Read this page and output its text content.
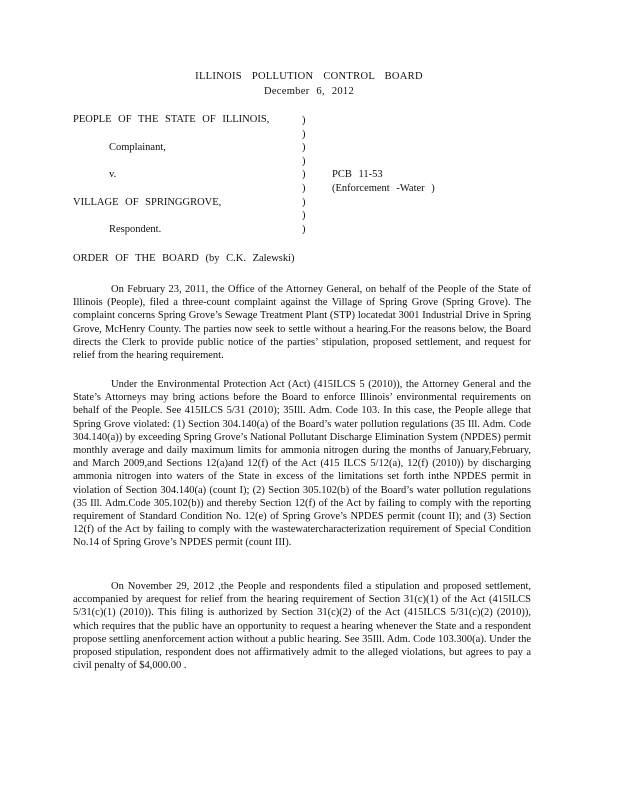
ILLINOIS POLLUTION CONTROL BOARD
December 6, 2012
PEOPLE OF THE STATE OF ILLINOIS,
Complainant,
v.	PCB 11-53
(Enforcement -Water )
VILLAGE OF SPRINGGROVE,
Respondent.
)
)
)
)
)
)
)
)
)
ORDER OF THE BOARD (by C.K. Zalewski)

On February 23, 2011, the Office of the Attorney General, on behalf of the People of the State of Illinois (People), filed a three-count complaint against the Village of Spring Grove (Spring Grove). The complaint concerns Spring Grove’s Sewage Treatment Plant (STP) locatedat 3001 Industrial Drive in Spring Grove, McHenry County. The parties now seek to settle without a hearing.For the reasons below, the Board directs the Clerk to provide public notice of the parties’ stipulation, proposed settlement, and request for relief from the hearing requirement.

Under the Environmental Protection Act (Act) (415ILCS 5 (2010)), the Attorney General and the State’s Attorneys may bring actions before the Board to enforce Illinois’ environmental requirements on behalf of the People. See 415ILCS 5/31 (2010); 35Ill. Adm. Code 103. In this case, the People allege that Spring Grove violated: (1) Section 304.140(a) of the Board’s water pollution regulations (35 Ill. Adm. Code 304.140(a)) by exceeding Spring Grove’s National Pollutant Discharge Elimination System (NPDES) permit monthly average and daily maximum limits for ammonia nitrogen during the months of January,February, and March 2009,and Sections 12(a)and 12(f) of the Act (415 ILCS 5/12(a), 12(f) (2010)) by discharging ammonia nitrogen into waters of the State in excess of the limitations set forth inthe NPDES permit in violation of Section 304.140(a) (count I); (2) Section 305.102(b) of the Board’s water pollution regulations (35 Ill. Adm.Code 305.102(b)) and thereby Section 12(f) of the Act by failing to comply with the reporting requirement of Standard Condition No. 12(e) of Spring Grove’s NPDES permit (count II); and (3) Section 12(f) of the Act by failing to comply with the wastewatercharacterization requirement of Special Condition No.14 of Spring Grove’s NPDES permit (count III).

On November 29, 2012 ,the People and respondents filed a stipulation and proposed settlement, accompanied by arequest for relief from the hearing requirement of Section 31(c)(1) of the Act (415ILCS 5/31(c)(1) (2010)). This filing is authorized by Section 31(c)(2) of the Act (415ILCS 5/31(c)(2) (2010)), which requires that the public have an opportunity to request a hearing whenever the State and a respondent propose settling anenforcement action without a public hearing. See 35Ill. Adm. Code 103.300(a). Under the proposed stipulation, respondent does not affirmatively admit to the alleged violations, but agrees to pay a civil penalty of $4,000.00 .
